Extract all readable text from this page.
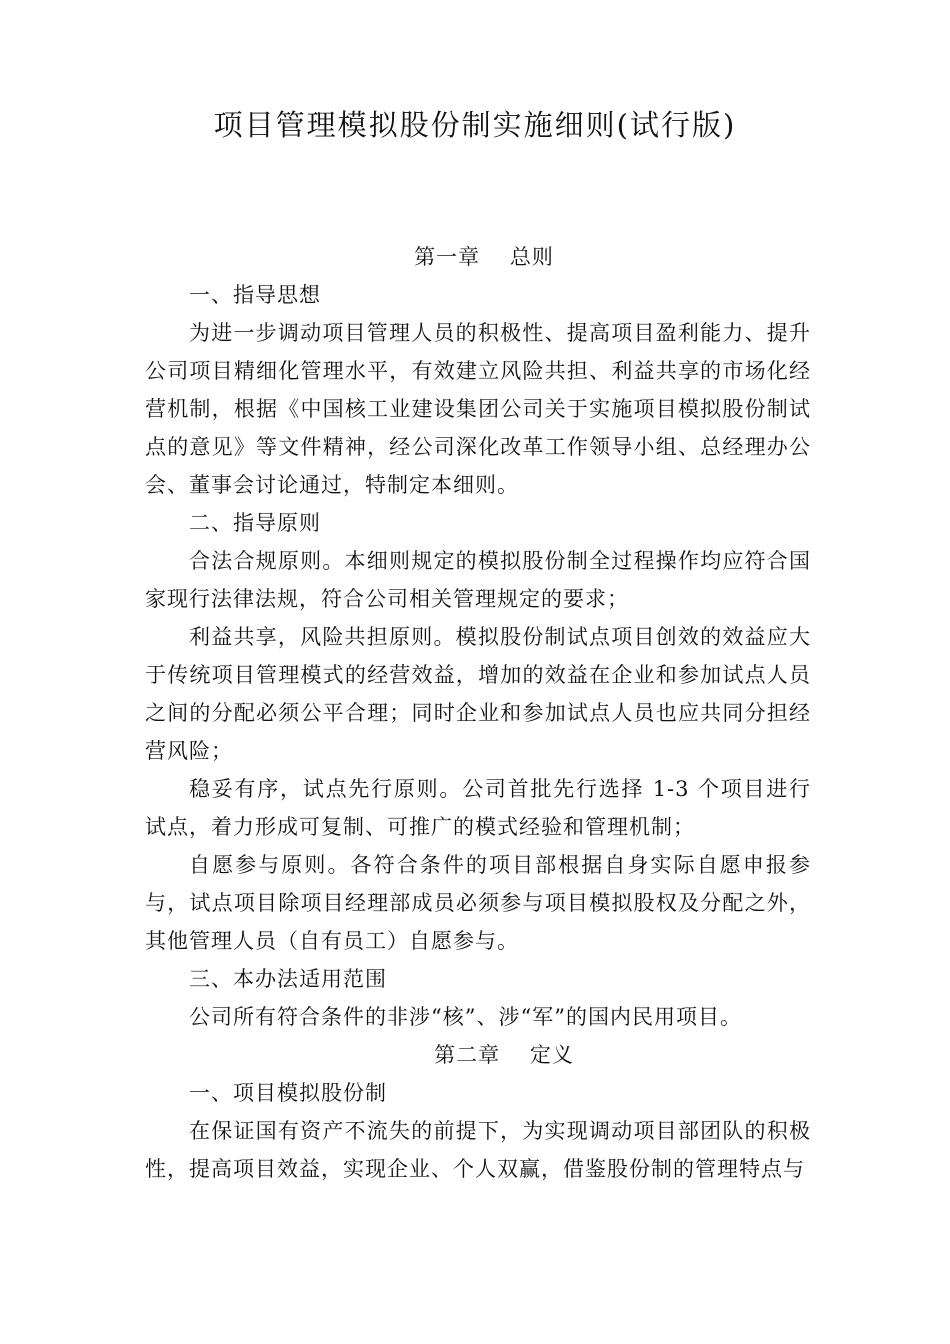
项目管理模拟股份制实施细则(试行版)
第一章　 总则
一、指导思想

为进一步调动项目管理人员的积极性、提高项目盈利能力、提升公司项目精细化管理水平，有效建立风险共担、利益共享的市场化经营机制，根据《中国核工业建设集团公司关于实施项目模拟股份制试点的意见》等文件精神，经公司深化改革工作领导小组、总经理办公会、董事会讨论通过，特制定本细则。

二、指导原则

合法合规原则。本细则规定的模拟股份制全过程操作均应符合国家现行法律法规，符合公司相关管理规定的要求；

利益共享，风险共担原则。模拟股份制试点项目创效的效益应大于传统项目管理模式的经营效益，增加的效益在企业和参加试点人员之间的分配必须公平合理；同时企业和参加试点人员也应共同分担经营风险；

稳妥有序，试点先行原则。公司首批先行选择 1-3 个项目进行试点，着力形成可复制、可推广的模式经验和管理机制；

自愿参与原则。各符合条件的项目部根据自身实际自愿申报参与，试点项目除项目经理部成员必须参与项目模拟股权及分配之外，其他管理人员（自有员工）自愿参与。

三、本办法适用范围

公司所有符合条件的非涉“核”、涉“军”的国内民用项目。

第二章　 定义
一、项目模拟股份制

在保证国有资产不流失的前提下，为实现调动项目部团队的积极性，提高项目效益，实现企业、个人双赢，借鉴股份制的管理特点与
